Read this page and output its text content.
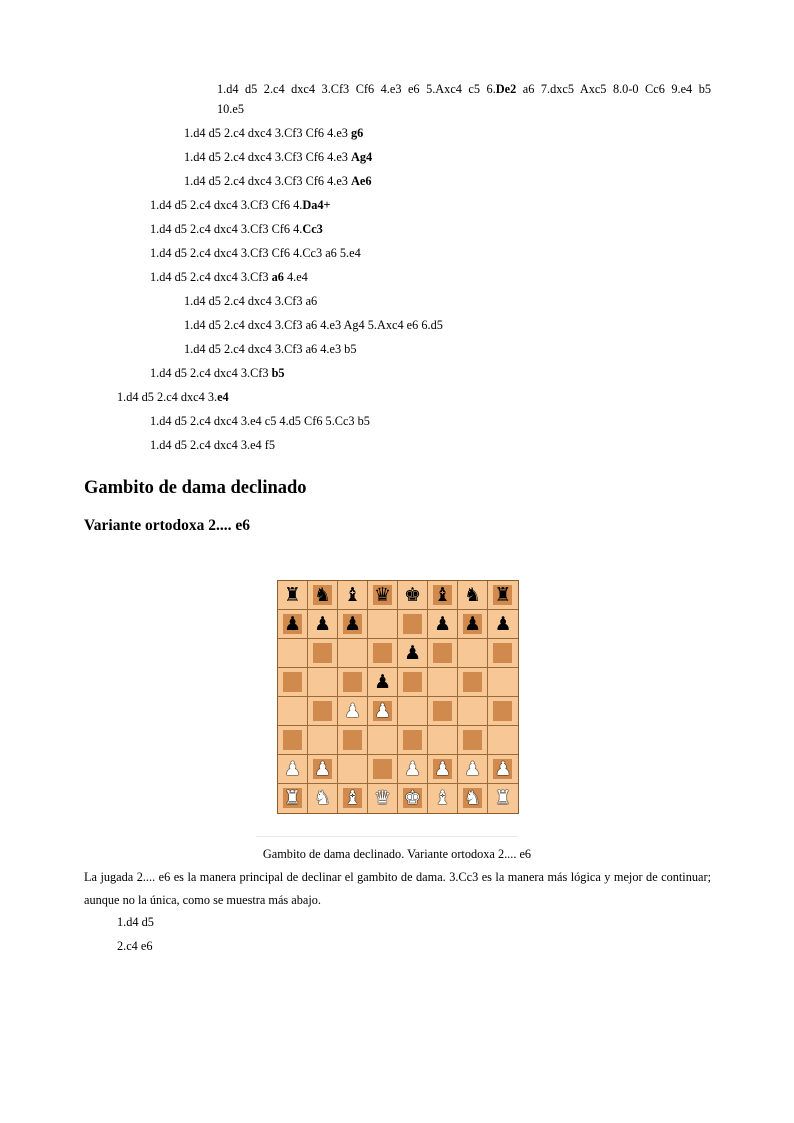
1.d4 d5 2.c4 dxc4 3.Cf3 Cf6 4.e3 e6 5.Axc4 c5 6.De2 a6 7.dxc5 Axc5 8.0-0 Cc6 9.e4 b5
10.e5
1.d4 d5 2.c4 dxc4 3.Cf3 Cf6 4.e3 g6
1.d4 d5 2.c4 dxc4 3.Cf3 Cf6 4.e3 Ag4
1.d4 d5 2.c4 dxc4 3.Cf3 Cf6 4.e3 Ae6
1.d4 d5 2.c4 dxc4 3.Cf3 Cf6 4.Da4+
1.d4 d5 2.c4 dxc4 3.Cf3 Cf6 4.Cc3
1.d4 d5 2.c4 dxc4 3.Cf3 Cf6 4.Cc3 a6 5.e4
1.d4 d5 2.c4 dxc4 3.Cf3 a6 4.e4
1.d4 d5 2.c4 dxc4 3.Cf3 a6
1.d4 d5 2.c4 dxc4 3.Cf3 a6 4.e3 Ag4 5.Axc4 e6 6.d5
1.d4 d5 2.c4 dxc4 3.Cf3 a6 4.e3 b5
1.d4 d5 2.c4 dxc4 3.Cf3 b5
1.d4 d5 2.c4 dxc4 3.e4
1.d4 d5 2.c4 dxc4 3.e4 c5 4.d5 Cf6 5.Cc3 b5
1.d4 d5 2.c4 dxc4 3.e4 f5
Gambito de dama declinado
Variante ortodoxa 2.... e6
♜ ♞ ♝ ♛ ♚ ♝ ♞ ♜
♟ ♟ ♟	♟ ♟ ♟
♟
♟
♟ ♟
♟ ♟	♟ ♟ ♟ ♟
♜ ♞ ♝ ♛ ♚ ♝ ♞ ♜
Gambito de dama declinado. Variante ortodoxa 2.... e6
La jugada 2.... e6 es la manera principal de declinar el gambito de dama. 3.Cc3 es la manera más lógica y mejor de continuar; aunque no la única, como se muestra más abajo.
1.d4 d5
2.c4 e6
